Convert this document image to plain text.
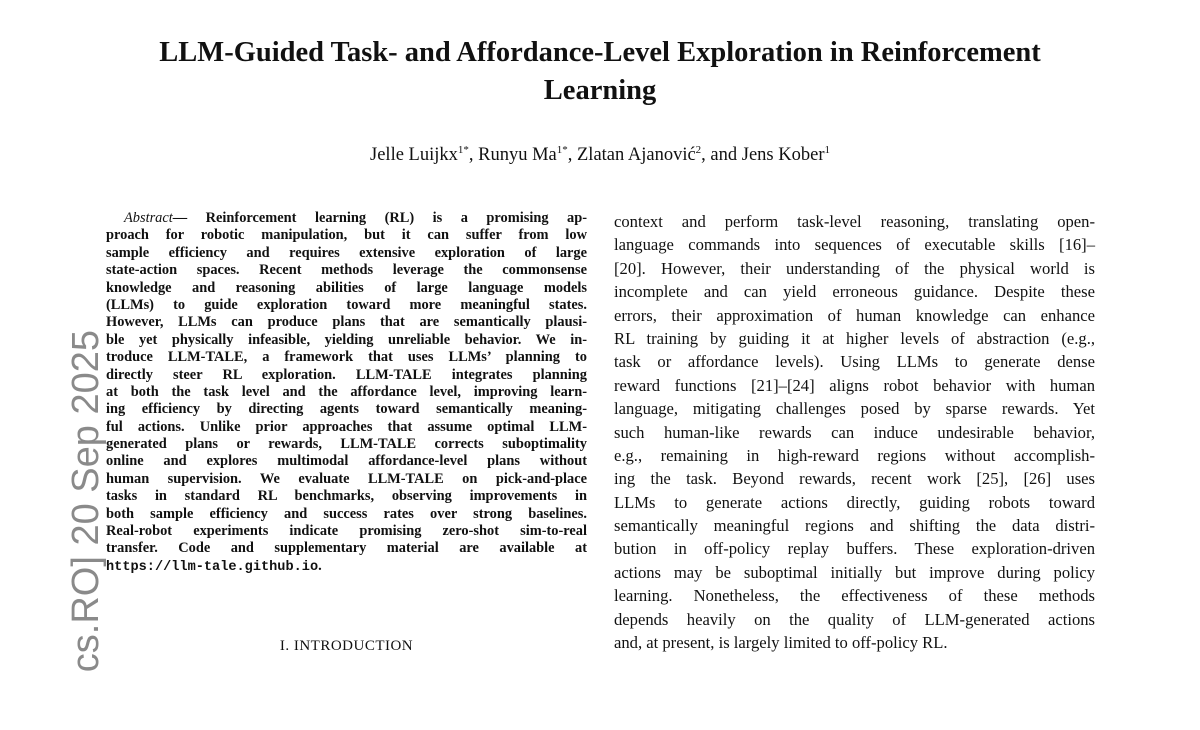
LLM-Guided Task- and Affordance-Level Exploration in Reinforcement
Learning
Jelle Luijkx$^{1*}$, Runyu $Ma^{1*}$, Zlatan Ajanović$^2$, and Jens Kober$^1$
cs.RO] 20 Sep 2025
Abstract— Reinforcement learning (RL) is a promising ap-
proach for robotic manipulation, but it can suffer from low
sample efficiency and requires extensive exploration of large
state-action spaces. Recent methods leverage the commonsense
knowledge and reasoning abilities of large language models
(LLMs) to guide exploration toward more meaningful states.
However, LLMs can produce plans that are semantically plausi-
ble yet physically infeasible, yielding unreliable behavior. We in-
troduce LLM-TALE, a framework that uses LLMs’ planning to
directly steer RL exploration. LLM-TALE integrates planning
at both the task level and the affordance level, improving learn-
ing efficiency by directing agents toward semantically meaning-
ful actions. Unlike prior approaches that assume optimal LLM-
generated plans or rewards, LLM-TALE corrects suboptimality
online and explores multimodal affordance-level plans without
human supervision. We evaluate LLM-TALE on pick-and-place
tasks in standard RL benchmarks, observing improvements in
both sample efficiency and success rates over strong baselines.
Real-robot experiments indicate promising zero-shot sim-to-real
transfer. Code and supplementary material are available at
https://llm-tale.github.io.
I. INTRODUCTION
context and perform task-level reasoning, translating open-
language commands into sequences of executable skills [16]–
[20]. However, their understanding of the physical world is
incomplete and can yield erroneous guidance. Despite these
errors, their approximation of human knowledge can enhance
RL training by guiding it at higher levels of abstraction (e.g.,
task or affordance levels). Using LLMs to generate dense
reward functions [21]–[24] aligns robot behavior with human
language, mitigating challenges posed by sparse rewards. Yet
such human-like rewards can induce undesirable behavior,
e.g., remaining in high-reward regions without accomplish-
ing the task. Beyond rewards, recent work [25], [26] uses
LLMs to generate actions directly, guiding robots toward
semantically meaningful regions and shifting the data distri-
bution in off-policy replay buffers. These exploration-driven
actions may be suboptimal initially but improve during policy
learning. Nonetheless, the effectiveness of these methods
depends heavily on the quality of LLM-generated actions
and, at present, is largely limited to off-policy RL.
